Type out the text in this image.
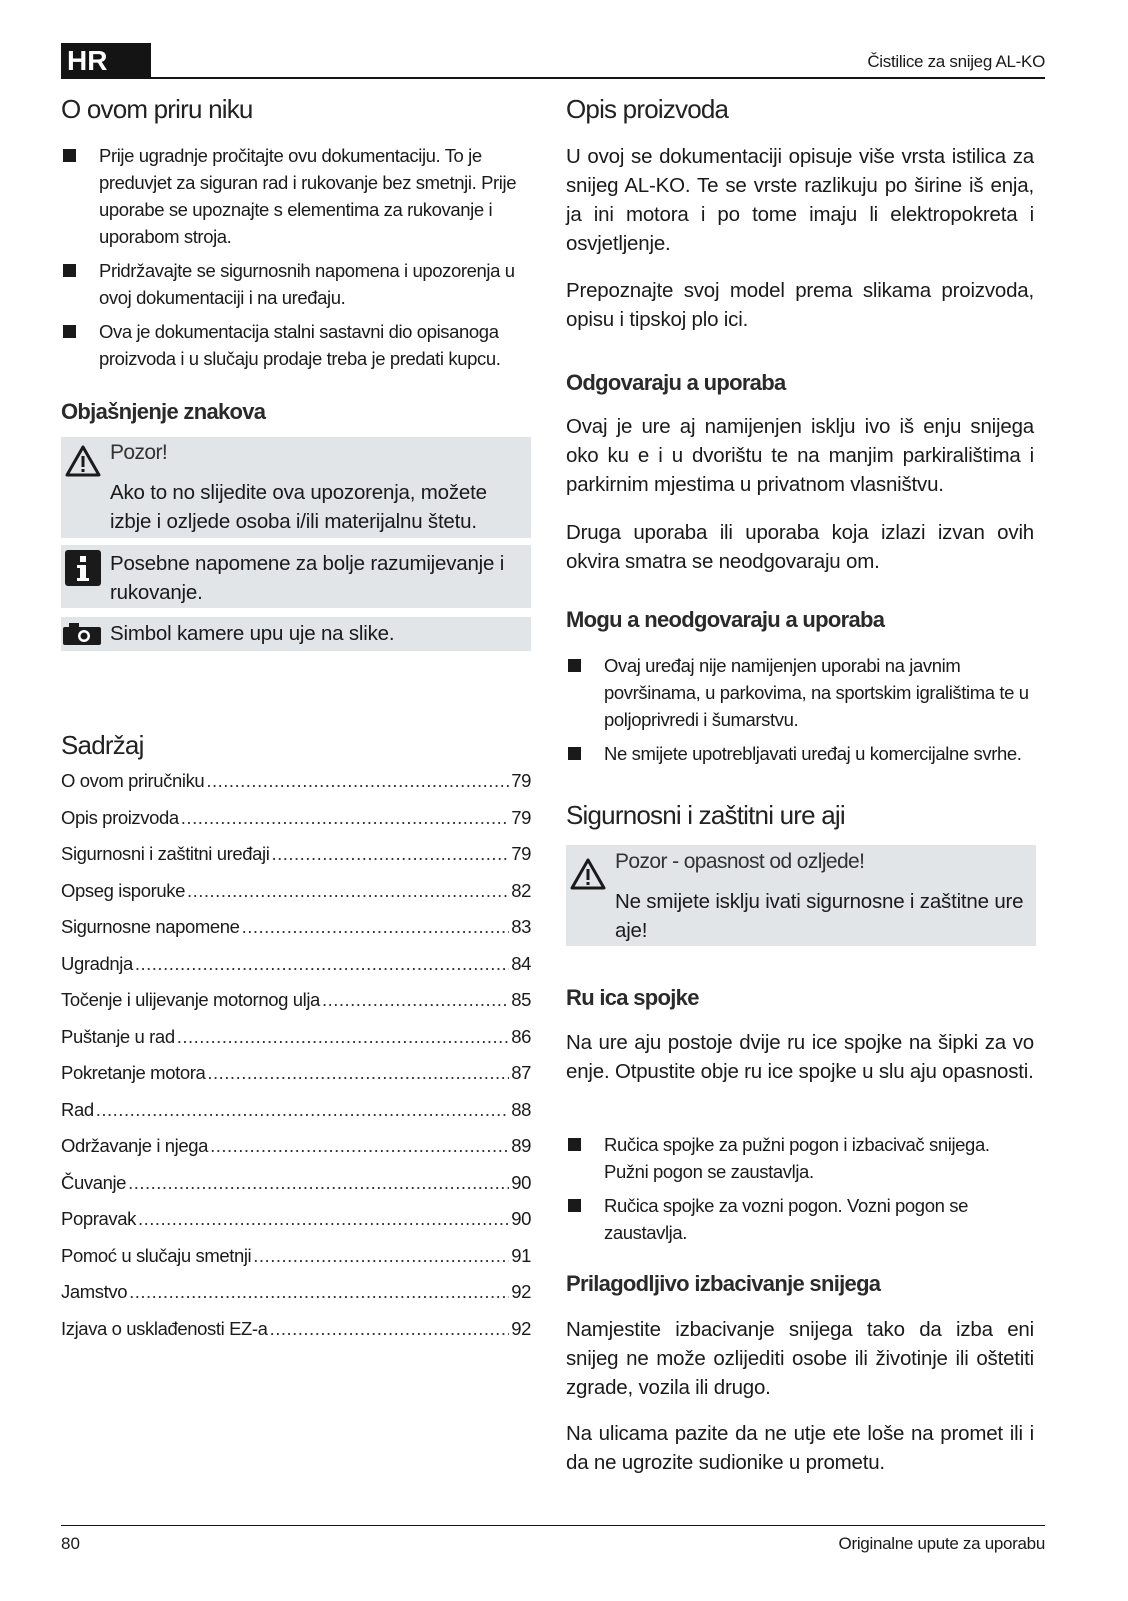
HR	Čistilice za snijeg AL-KO
O ovom priru niku
Prije ugradnje pročitajte ovu dokumentaciju. To je preduvjet za siguran rad i rukovanje bez smetnji. Prije uporabe se upoznajte s elementima za rukovanje i uporabom stroja.
Pridržavajte se sigurnosnih napomena i upozorenja u ovoj dokumentaciji i na uređaju.
Ova je dokumentacija stalni sastavni dio opisanoga proizvoda i u slučaju prodaje treba je predati kupcu.
Objašnjenje znakova
Pozor!
Ako to no slijedite ova upozorenja, možete izbje i ozljede osoba i/ili materijalnu štetu.
Posebne napomene za bolje razumijevanje i rukovanje.
Simbol kamere upu uje na slike.
Sadržaj
O ovom priručniku .....	79
Opis proizvoda .....	79
Sigurnosni i zaštitni uređaji .....	79
Opseg isporuke .....	82
Sigurnosne napomene .....	83
Ugradnja .....	84
Točenje i ulijevanje motornog ulja .....	85
Puštanje u rad .....	86
Pokretanje motora .....	87
Rad .....	88
Održavanje i njega .....	89
Čuvanje .....	90
Popravak .....	90
Pomoć u slučaju smetnji .....	91
Jamstvo .....	92
Izjava o usklađenosti EZ-a .....	92
Opis proizvoda

U ovoj se dokumentaciji opisuje više vrsta istilica za snijeg AL-KO. Te se vrste razlikuju po širine iš enja, ja ini motora i po tome imaju li elektropokreta i osvjetljenje.

Prepoznajte svoj model prema slikama proizvoda, opisu i tipskoj plo ici.

Odgovaraju a uporaba

Ovaj je ure aj namijenjen isklju ivo iš enju snijega oko ku e i u dvorištu te na manjim parkiralištima i parkirnim mjestima u privatnom vlasništvu.

Druga uporaba ili uporaba koja izlazi izvan ovih okvira smatra se neodgovaraju om.

Mogu a neodgovaraju a uporaba
Ovaj uređaj nije namijenjen uporabi na javnim površinama, u parkovima, na sportskim igralištima te u poljoprivredi i šumarstvu.
Ne smijete upotrebljavati uređaj u komercijalne svrhe.
Sigurnosni i zaštitni ure aji
Pozor - opasnost od ozljede!
Ne smijete isklju ivati sigurnosne i zaštitne ure aje!
Ru ica spojke

Na ure aju postoje dvije ru ice spojke na šipki za vo enje. Otpustite obje ru ice spojke u slu aju opasnosti.

Ručica spojke za pužni pogon i izbacivač snijega. Pužni pogon se zaustavlja.
Ručica spojke za vozni pogon. Vozni pogon se zaustavlja.
Prilagodljivo izbacivanje snijega

Namjestite izbacivanje snijega tako da izba eni snijeg ne može ozlijediti osobe ili životinje ili oštetiti zgrade, vozila ili drugo.

Na ulicama pazite da ne utje ete loše na promet ili i da ne ugrozite sudionike u prometu.

80	Originalne upute za uporabu
